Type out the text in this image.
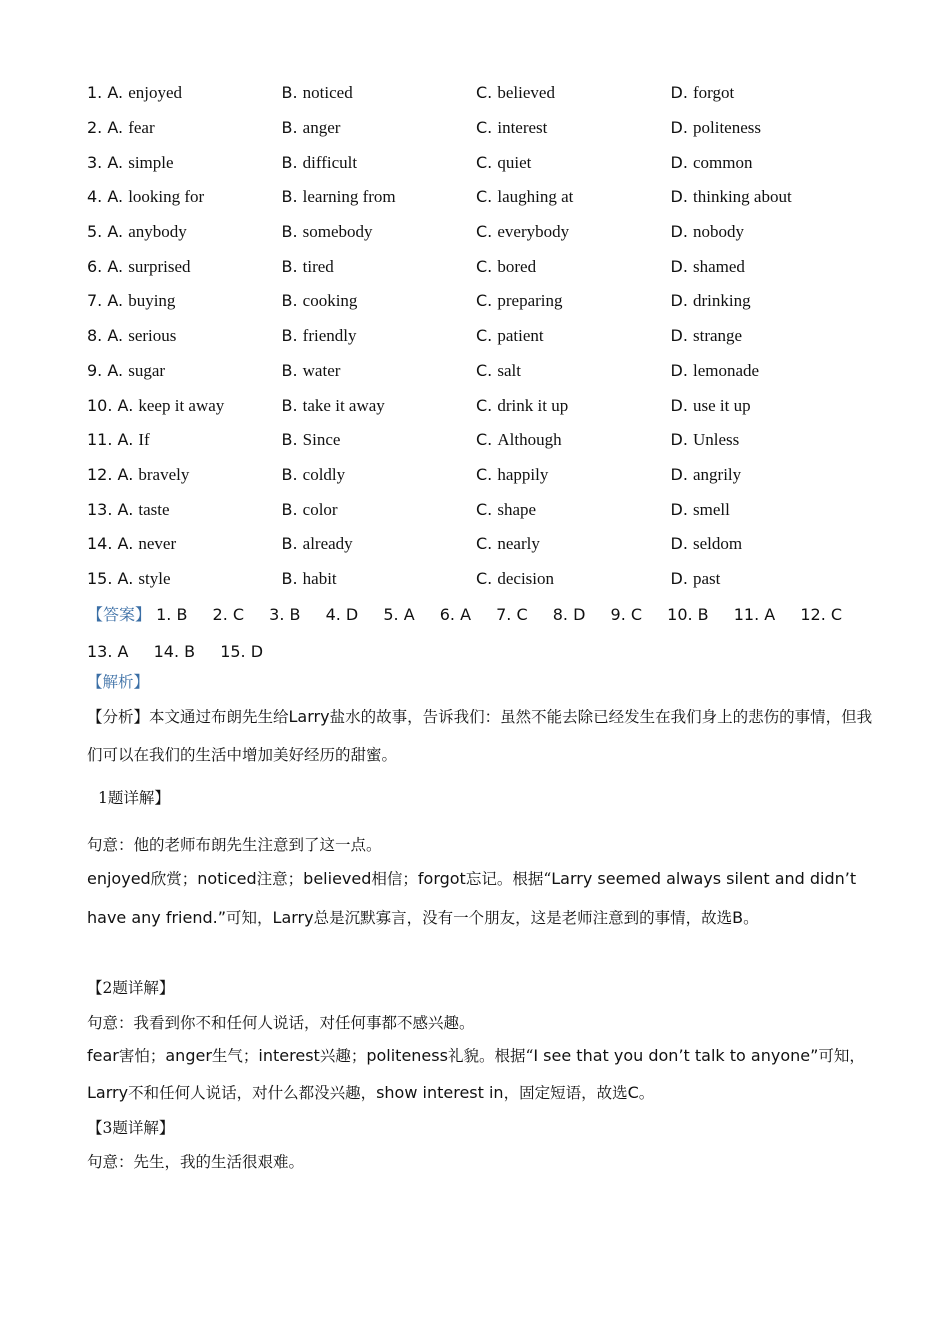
1. A. enjoyed	B. noticed	C. believed	D. forgot
2. A. fear	B. anger	C. interest	D. politeness
3. A. simple	B. difficult	C. quiet	D. common
4. A. looking for	B. learning from	C. laughing at	D. thinking about
5. A. anybody	B. somebody	C. everybody	D. nobody
6. A. surprised	B. tired	C. bored	D. shamed
7. A. buying	B. cooking	C. preparing	D. drinking
8. A. serious	B. friendly	C. patient	D. strange
9. A. sugar	B. water	C. salt	D. lemonade
10. A. keep it away	B. take it away	C. drink it up	D. use it up
11. A. If	B. Since	C. Although	D. Unless
12. A. bravely	B. coldly	C. happily	D. angrily
13. A. taste	B. color	C. shape	D. smell
14. A. never	B. already	C. nearly	D. seldom
15. A. style	B. habit	C. decision	D. past
【答案】 1. B 2. C 3. B 4. D 5. A 6. A 7. C 8. D 9. C 10. B 11. A 12. C 13. A 14. B 15. D
【解析】
【分析】本文通过布朗先生给Larry盐水的故事，告诉我们：虽然不能去除已经发生在我们身上的悲伤的事情，但我们可以在我们的生活中增加美好经历的甜蜜。
1题详解】
句意：他的老师布朗先生注意到了这一点。
enjoyed欣赏；noticed注意；believed相信；forgot忘记。根据“Larry seemed always silent and didn’t have any friend.”可知，Larry总是沉默寡言，没有一个朋友，这是老师注意到的事情，故选B。
【2题详解】
句意：我看到你不和任何人说话，对任何事都不感兴趣。
fear害怕；anger生气；interest兴趣；politeness礼貌。根据“I see that you don’t talk to anyone”可知，Larry不和任何人说话，对什么都没兴趣，show interest in，固定短语，故选C。
【3题详解】
句意：先生，我的生活很艰难。
